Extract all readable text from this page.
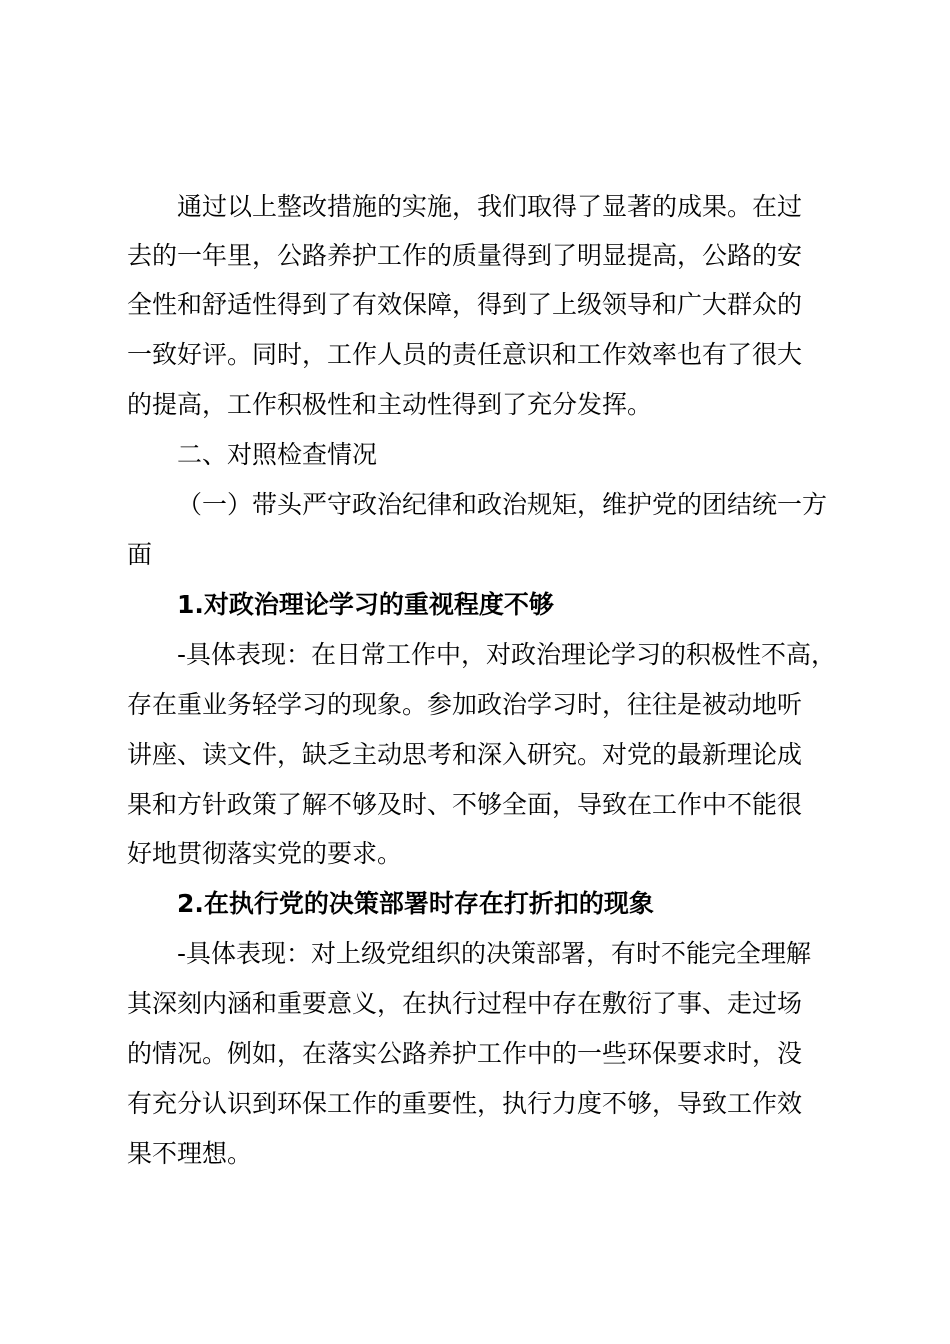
通过以上整改措施的实施，我们取得了显著的成果。在过
去的一年里，公路养护工作的质量得到了明显提高，公路的安
全性和舒适性得到了有效保障，得到了上级领导和广大群众的
一致好评。同时，工作人员的责任意识和工作效率也有了很大
的提高，工作积极性和主动性得到了充分发挥。
二、对照检查情况
（一）带头严守政治纪律和政治规矩，维护党的团结统一方
面
1.对政治理论学习的重视程度不够
-具体表现：在日常工作中，对政治理论学习的积极性不高，
存在重业务轻学习的现象。参加政治学习时，往往是被动地听
讲座、读文件，缺乏主动思考和深入研究。对党的最新理论成
果和方针政策了解不够及时、不够全面，导致在工作中不能很
好地贯彻落实党的要求。
2.在执行党的决策部署时存在打折扣的现象
-具体表现：对上级党组织的决策部署，有时不能完全理解
其深刻内涵和重要意义，在执行过程中存在敷衍了事、走过场
的情况。例如，在落实公路养护工作中的一些环保要求时，没
有充分认识到环保工作的重要性，执行力度不够，导致工作效
果不理想。
